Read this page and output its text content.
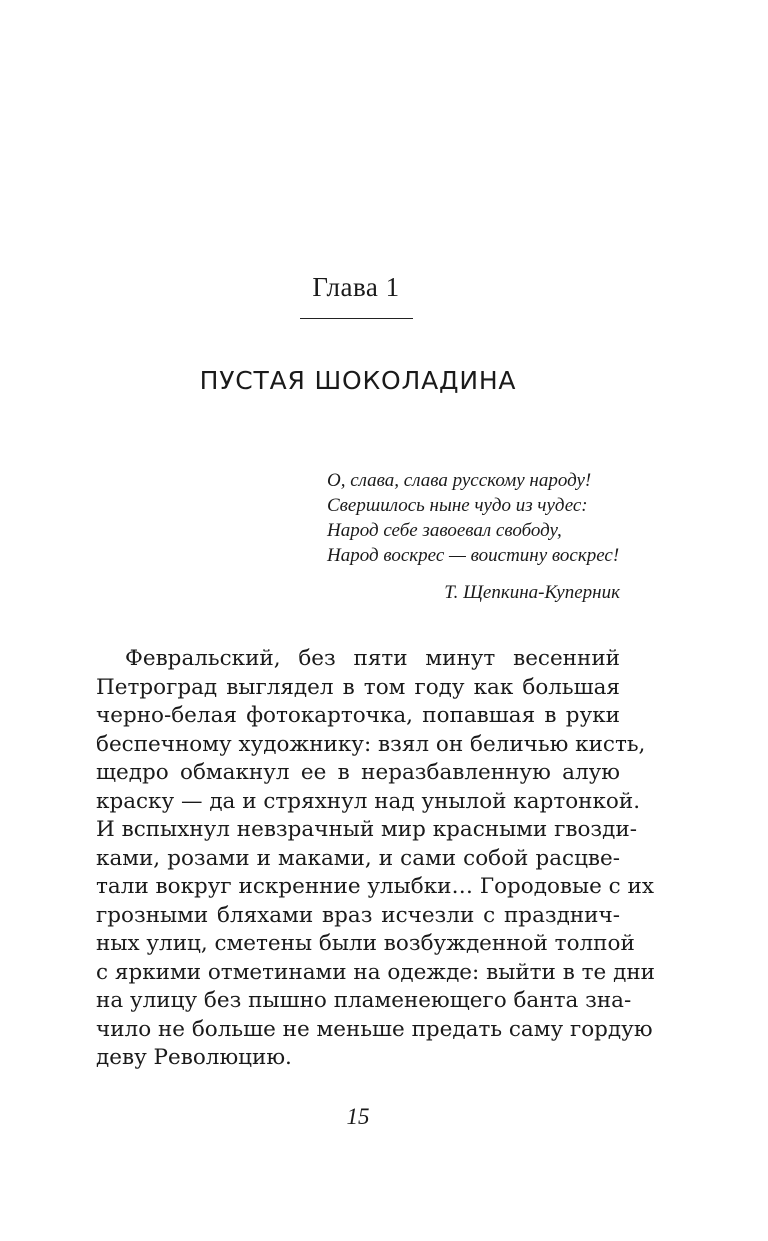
Глава 1
ПУСТАЯ ШОКОЛАДИНА
О, слава, слава русскому народу!
Свершилось ныне чудо из чудес:
Народ себе завоевал свободу,
Народ воскрес — воистину воскрес!
Т. Щепкина-Куперник
Февральский, без пяти минут весенний
Петроград выглядел в том году как большая
черно-белая фотокарточка, попавшая в руки
беспечному художнику: взял он беличью кисть,
щедро обмакнул ее в неразбавленную алую
краску — да и стряхнул над унылой картонкой.
И вспыхнул невзрачный мир красными гвозди-
ками, розами и маками, и сами собой расцве-
тали вокруг искренние улыбки… Городовые с их
грозными бляхами враз исчезли с празднич-
ных улиц, сметены были возбужденной толпой
с яркими отметинами на одежде: выйти в те дни
на улицу без пышно пламенеющего банта зна-
чило не больше не меньше предать саму гордую
деву Революцию.
15
